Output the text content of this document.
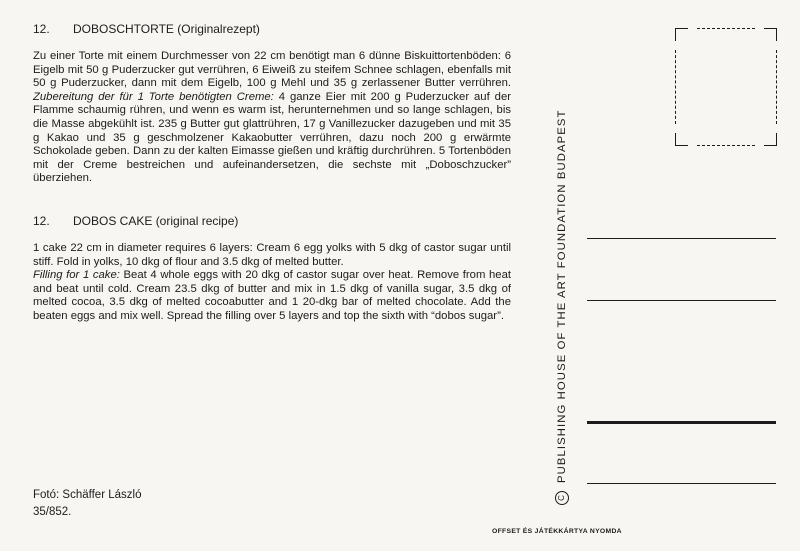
12. DOBOSCHTORTE (Originalrezept)

Zu einer Torte mit einem Durchmesser von 22 cm benötigt man 6 dünne Biskuittortenböden: 6 Eigelb mit 50 g Puderzucker gut verrühren, 6 Eiweiß zu steifem Schnee schlagen, ebenfalls mit 50 g Puderzucker, dann mit dem Eigelb, 100 g Mehl und 35 g zerlassener Butter verrühren. Zubereitung der für 1 Torte benötigten Creme: 4 ganze Eier mit 200 g Puderzucker auf der Flamme schaumig rühren, und wenn es warm ist, herunternehmen und so lange schlagen, bis die Masse abgekühlt ist. 235 g Butter gut glattrühren, 17 g Vanillezucker dazugeben und mit 35 g Kakao und 35 g geschmolzener Kakaobutter verrühren, dazu noch 200 g erwärmte Schokolade geben. Dann zu der kalten Eimasse gießen und kräftig durchrühren. 5 Tortenböden mit der Creme bestreichen und aufeinandersetzen, die sechste mit „Doboschzucker” überziehen.

12. DOBOS CAKE (original recipe)

1 cake 22 cm in diameter requires 6 layers: Cream 6 egg yolks with 5 dkg of castor sugar until stiff. Fold in yolks, 10 dkg of flour and 3.5 dkg of melted butter.
Filling for 1 cake: Beat 4 whole eggs with 20 dkg of castor sugar over heat. Remove from heat and beat until cold. Cream 23.5 dkg of butter and mix in 1.5 dkg of vanilla sugar, 3.5 dkg of melted cocoa, 3.5 dkg of melted cocoabutter and 1 20-dkg bar of melted chocolate. Add the beaten eggs and mix well. Spread the filling over 5 layers and top the sixth with “dobos sugar”.

Fotó: Schäffer László
35/852.
C
PUBLISHING HOUSE OF THE ART FOUNDATION BUDAPEST
OFFSET ÉS JÁTÉKKÁRTYA NYOMDA
